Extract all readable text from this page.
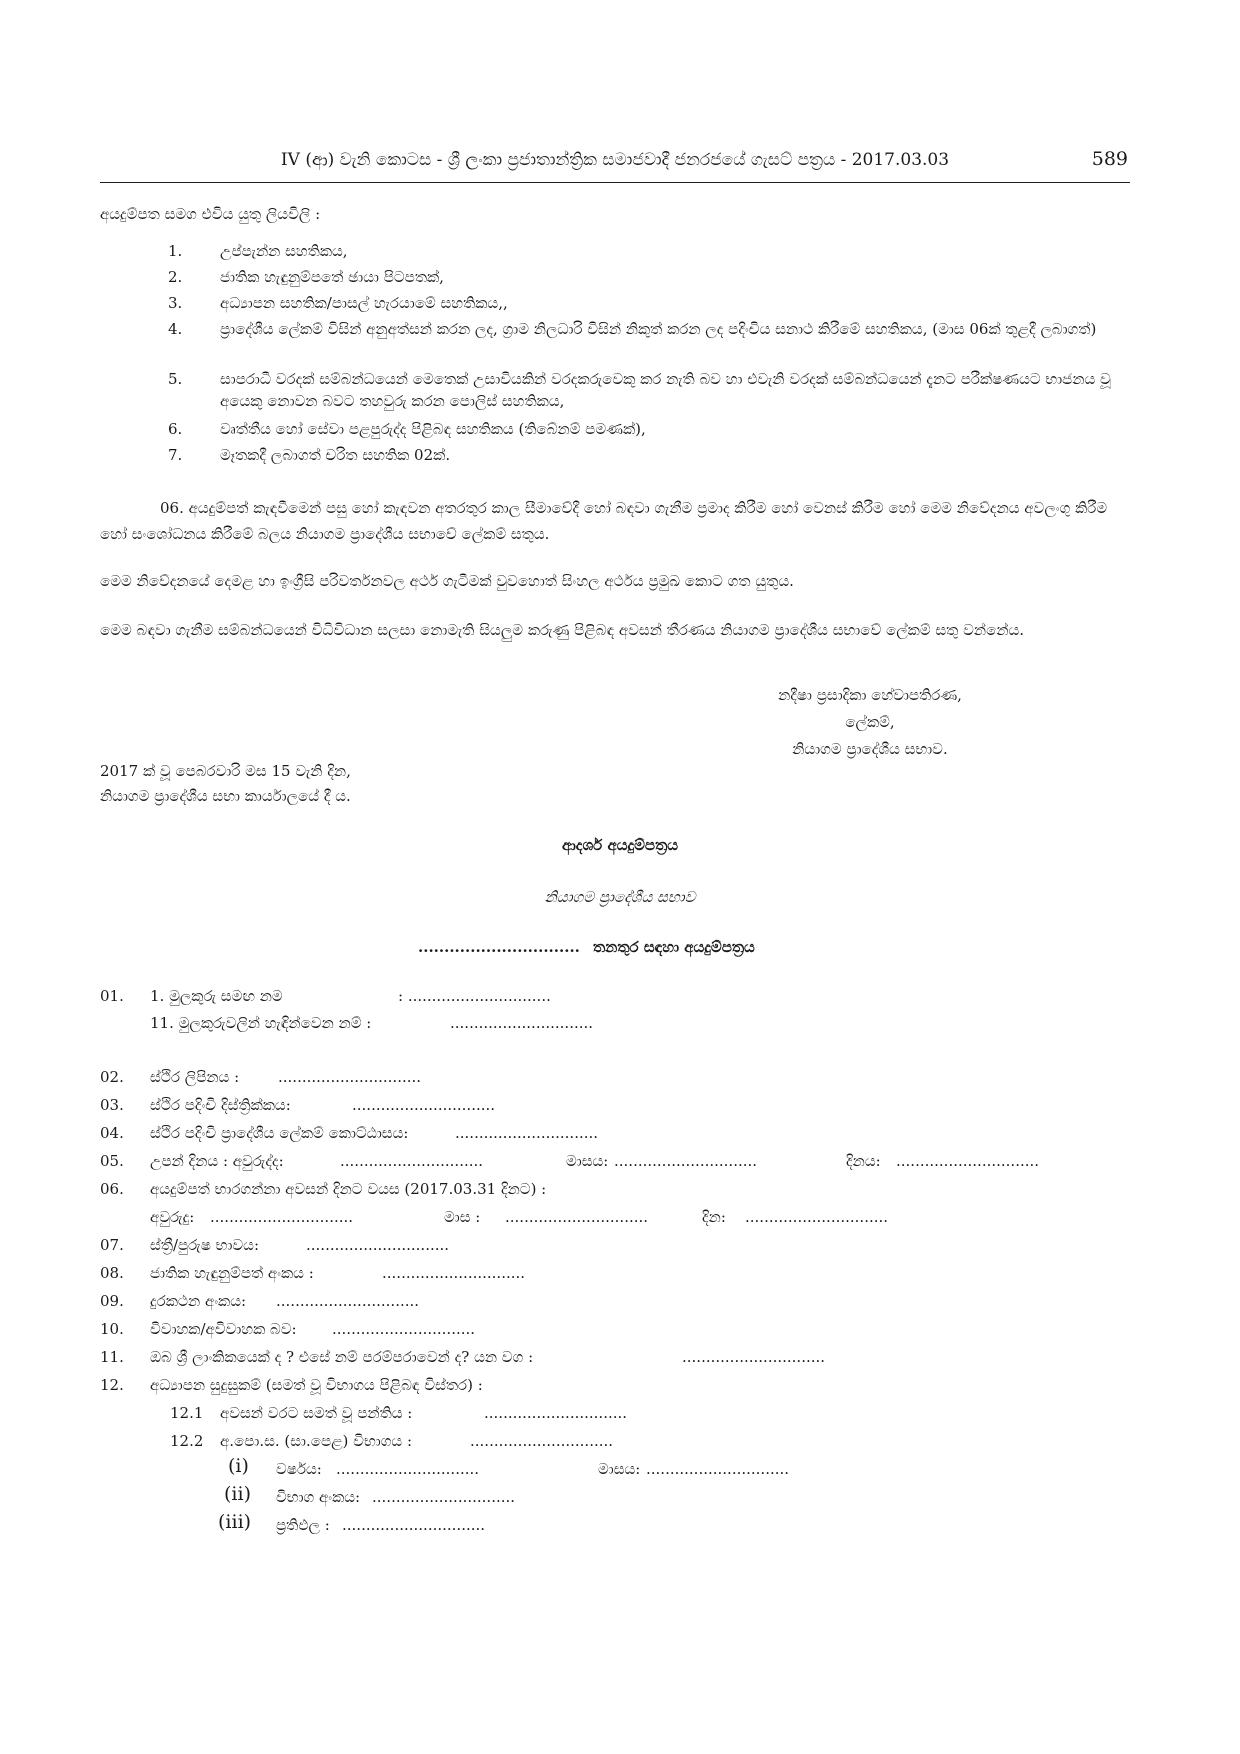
IV (ආ) වැනි කොටස - ශ්‍රී ලංකා ප්‍රජාතාන්ත්‍රික සමාජවාදී ජනරජයේ ගැසට් පත්‍රය - 2017.03.03	589
අයදුම්පත සමග එවිය යුතු ලියවිලි :
1.	උප්පැන්න සහතිකය,
2.	ජාතික හැඳුනුම්පතේ ඡායා පිටපතක්,
3.	අධ්‍යාපන සහතික/පාසල් හැරයාමේ සහතිකය,,
4.	ප්‍රාදේශීය ලේකම් විසින් අනුඅත්සන් කරන ලද, ග්‍රාම නිලධාරි විසින් නිකුත් කරන ලද පදිංචිය සනාථ කිරීමේ සහතිකය, (මාස 06ක් තුළදී ලබාගත්)
5.	සාපරාධී වරදක් සම්බන්ධයෙන් මෙතෙක් උසාවියකින් වරදකරුවෙකු කර නැති බව හා එවැනි වරදක් සම්බන්ධයෙන් දැනට පරීක්ෂණයට භාජනය වූ අයෙකු නොවන බවට තහවුරු කරන පොලිස් සහතිකය,
6.	වෘත්තීය හෝ සේවා පළපුරුද්ද පිළිබඳ සහතිකය (තිබේනම් පමණක්),
7.	මෑතකදී ලබාගත් චරිත සහතික 02ක්.
06. අයදුම්පත් කැඳවීමෙන් පසු හෝ කැඳවන අතරතුර කාල සීමාවේදී හෝ බඳවා ගැනීම ප්‍රමාද කිරීම හෝ වෙනස් කිරීම හෝ මෙම නිවේදනය අවලංගු කිරීම හෝ සංශෝධනය කිරීමේ බලය නියාගම ප්‍රාදේශීය සභාවේ ලේකම් සතුය.
මෙම නිවේදනයේ දෙමළ හා ඉංග්‍රීසි පරිවර්තනවල අර්ථ ගැටීමක් වුවහොත් සිංහල අර්ථය ප්‍රමුඛ කොට ගත යුතුය.
මෙම බඳවා ගැනීම සම්බන්ධයෙන් විධිවිධාන සලසා නොමැති සියලුම කරුණු පිළිබඳ අවසන් තීරණය නියාගම ප්‍රාදේශීය සභාවේ ලේකම් සතු වන්නේය.
නදීෂා ප්‍රසාදිකා හේවාපතිරණ,
ලේකම්,
නියාගම ප්‍රාදේශීය සභාව.
2017 ක් වූ පෙබරවාරි මස 15 වැනි දින,
නියාගම ප්‍රාදේශීය සභා කාර්යාලයේ දී ය.
ආදර්ශ අයදුම්පත්‍රය
නියාගම ප්‍රාදේශීය සභාව
............................... තනතුර සඳහා අයදුම්පත්‍රය
01. 1. මුලකුරු සමඟ නම	: ..............................
11. මුලකුරුවලින් හැඳින්වෙන නම් :	..............................
02. ස්ථිර ලිපිනය :	..............................
03. ස්ථිර පදිංචි දිස්ත්‍රික්කය:	..............................
04. ස්ථිර පදිංචි ප්‍රාදේශීය ලේකම් කොට්ඨාසය:	..............................
05. උපන් දිනය : අවුරුද්ද:	..............................	මාසය: ..............................	දිනය: ..............................
06. අයදුම්පත් භාරගන්නා අවසන් දිනට වයස (2017.03.31 දිනට) :
අවුරුදු: ..............................	මාස : ..............................	දින: ..............................
07. ස්ත්‍රී/පුරුෂ භාවය:	..............................
08. ජාතික හැඳුනුම්පත් අංකය :	..............................
09. දුරකථන අංකය: ..............................
10. විවාහක/අවිවාහක බව: ..............................
11. ඔබ ශ්‍රී ලාංකිකයෙක් ද ? එසේ නම් පරම්පරාවෙන් ද? යන වග :	..............................
12. අධ්‍යාපන සුදුසුකම් (සමත් වූ විභාගය පිළිබඳ විස්තර) :
12.1 අවසන් වරට සමත් වූ පන්තිය :	..............................
12.2 අ.පො.ස. (සා.පෙළ) විභාගය :	..............................
(i) වර්ෂය: ..............................	මාසය: ..............................
(ii) විභාග අංකය: ..............................
(iii) ප්‍රතිඵල : ..............................
